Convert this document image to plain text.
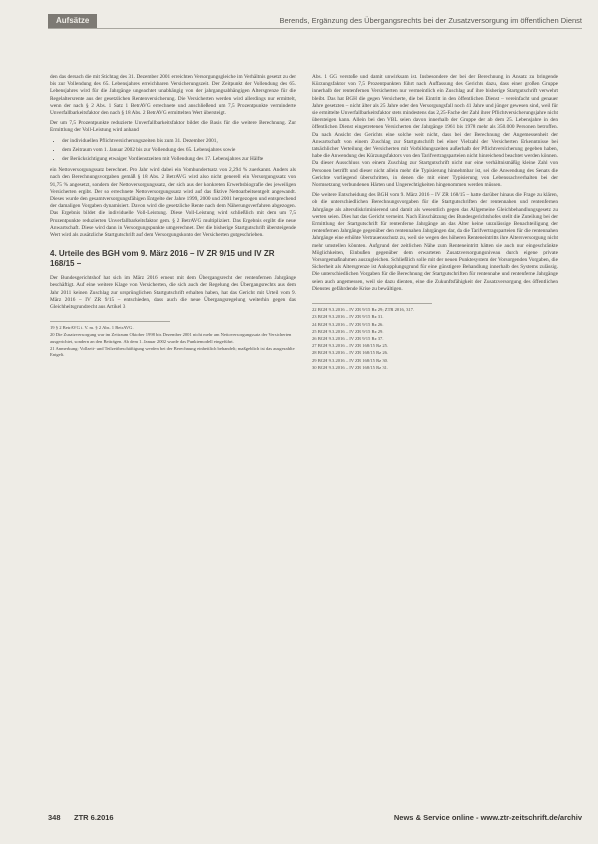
Aufsätze	Berends, Ergänzung des Übergangsrechts bei der Zusatzversorgung im öffentlichen Dienst

den das dersach die mit Stichtag des 31. Dezember 2001 erreichten Versorgungsgleiche im Verhältnis gesetzt zu der bis zur Vollendung des 65. Lebensjahres erreichbaren Versicherungszeit. Der Zeitpunkt der Vollendung des 65. Lebensjahres wird für die Jahrgänge ungeachtet unabhängig von der jahrgangsabhängigen Altersgrenze für die Regelaltersrente aus der gesetzlichen Rentenversicherung. Die Versicherten werden wird allerdings nur ermittelt, wenn der nach § 2 Abs. 1 Satz 1 BetrAVG errechnete und anschließend um 7,5 Prozentpunkte verminderte Unverfallbarkeitsfaktor den nach § 18 Abs. 2 BetrAVG ermittelten Wert übersteigt.

Der um 7,5 Prozentpunkte reduzierte Unverfallbarkeitsfaktor bildet die Basis für die weitere Berechnung. Zur Ermittlung der Voll-Leistung wird anhand

• der individuellen Pflichtversicherungszeiten bis zum 31. Dezember 2001,
• dem Zeitraum vom 1. Januar 2002 bis zur Vollendung des 65. Lebensjahres sowie
• der Berücksichtigung etwaiger Vordienstzeiten mit Vollendung des 17. Lebensjahres zur Hälfte

ein Nettoversorgungssatz berechnet. Pro Jahr wird dabei ein Vomhundertsatz von 2,294 % zuerkannt. Anders als nach den Berechnungsvorgaben gemäß § 18 Abs. 2 BetrAVG wird also nicht generell ein Versorgungssatz von 91,75 % angesetzt, sondern der Nettoversorgungssatz, der sich aus der konkreten Erwerbsbiografie des jeweiligen Versicherten ergibt. Der so errechnete Nettoversorgungssatz wird auf das fiktive Nettoarbeitsentgelt angewandt. Dieses wurde den gesamtversorgungsfähigen Entgelte der Jahre 1999, 2000 und 2001 hergezogen und entsprechend der damaligen Vorgaben dynamisiert. Davon wird die gesetzliche Rente nach dem Näherungsverfahren abgezogen. Das Ergebnis bildet die individuelle Voll-Leistung. Diese Voll-Leistung wird schließlich mit dem um 7,5 Prozentpunkte reduzierten Unverfallbarkeitsfaktor gem. § 2 BetrAVG multipliziert. Das Ergebnis ergibt die neue Anwartschaft. Diese wird dann in Versorgungspunkte umgerechnet. Der die bisherige Startgutschrift übersteigende Wert wird als zusätzliche Startgutschrift auf dem Versorgungskonto der Versicherten gutgeschrieben.

4. Urteile des BGH vom 9. März 2016 – IV ZR 9/15 und IV ZR 168/15 –

Der Bundesgerichtshof hat sich im März 2016 erneut mit dem Übergangsrecht der rentenfernen Jahrgänge beschäftigt. Auf eine weitere Klage von Versicherten, die sich auch der Regelung des Übergangsrechts aus dem Jahr 2011 keinen Zuschlag zur ursprünglichen Startgutschrift erhalten haben, hat das Gericht mit Urteil vom 9. März 2016 – IV ZR 9/15 – entschieden, dass auch die neue Übergangsregelung weiterhin gegen das Gleichheitsgrundrecht aus Artikel 3

19 § 2 BetrAVG i. V. m. § 2 Abs. 1 BetrAVG.
20 Die Zusatzversorgung war im Zeitraum Oktober 1998 bis Dezember 2001 nicht mehr am Nettoversorgungssatz der Versicherten ausgerichtet, sondern an den Beiträgen. Ab dem 1. Januar 2002 wurde das Punktemodell eingeführt.
21 Anmerkung: Vollzeit- und Teilzeitbeschäftigung werden bei der Berechnung einheitlich behandelt; maßgeblich ist das ausgezahlte Entgelt.

Abs. 1 GG verstoße und damit unwirksam ist. Insbesondere der bei der Berechnung in Ansatz zu bringende Kürzungsfaktor von 7,5 Prozentpunkten führt nach Auffassung des Gerichts dazu, dass einer großen Gruppe innerhalb der rentenfernen Versicherten nur vermeintlich ein Zuschlag auf ihre bisherige Startgutschrift verwehrt bleibt. Das hat BGH die gegen Versicherte, die bei Eintritt in den öffentlichen Dienst – vereinfacht und genauer Jahre gesetzten – nicht älter als 25 Jahre oder den Versorgungsfall noch 41 Jahre und jünger gewesen sind, weil für sie ermittelte Unverfallbarkeitsfaktor stets mindestens das 2,25-Fache der Zahl ihrer Pflichtversicherungsjahre nicht übersteigen kann. Allein bei den VBL seien davon innerhalb der Gruppe der ab dem 25. Lebensjahre in den öffentlichen Dienst eingetretenen Versicherten der Jahrgänge 1961 bis 1978 mehr als 350.000 Personen betroffen. Da nach Ansicht des Gerichts eine solche weit nicht, dass bei der Berechnung der Angemessenheit der Anwartschaft von einem Zuschlag zur Startgutschrift bei einer Vielzahl der Versicherten Erkenntnisse bei tatsächlicher Verteilung der Versicherten mit Vorbildungszeiten außerhalb der Pflichtversicherung gegeben haben, habe die Anwendung des Kürzungsfaktors von den Tarifvertragsparteien nicht hinreichend beachtet werden können. Da dieser Ausschluss von einem Zuschlag zur Startgutschrift nicht nur eine verhältnismäßig kleine Zahl von Personen betrifft und dieser nicht allein mehr die Typisierung hinnehmbar ist, sei die Anwendung des Senats die Gerichte vorliegend überschritten, in denen die mit einer Typisierung von Lebenssachverhalten bei der Normsetzung verbundenen Härten und Ungerechtigkeiten hingenommen werden müssen.

Die weitere Entscheidung des BGH vom 9. März 2016 – IV ZR 168/15 – hatte darüber hinaus die Frage zu klären, ob die unterschiedlichen Berechnungsvorgaben für die Startgutschriften der rentennahen und rentenfernen Jahrgänge als altersdiskriminierend und damit als wesentlich gegen das Allgemeine Gleichbehandlungsgesetz zu werten seien. Dies hat das Gericht verneint. Nach Einschätzung des Bundesgerichtshofes stellt die Zuteilung bei der Ermittlung der Startgutschrift für rentenferne Jahrgänge an das Alter keine unzulässige Benachteiligung der rentenfernen Jahrgänge gegenüber den rentennahen Jahrgängen dar, da die Tarifvertragsparteien für die rentennahen Jahrgänge eine erhöhte Vertrauensschutz zu, weil sie wegen des höheren Renteneintritts ihre Altersversorgung nicht mehr umstellen könnten. Aufgrund der zeitlichen Nähe zum Renteneintritt hätten sie auch nur eingeschränkte Möglichkeiten, Einbußen gegenüber dem erwarteten Zusatzversorgungsniveau durch eigene private Vorsorgemaßnahmen auszugleichen. Schließlich solle mit der neuen Punktesystem der Vorsorgenden Vorgaben, die Sicherheit als Altersgrenze ist Ankopplungsgrund für eine günstigere Behandlung innerhalb des Systems zulässig. Die unterschiedlichen Vorgaben für die Berechnung der Startgutschriften für rentennahe und rentenferne Jahrgänge seien auch angemessen, weil sie dazu dienten, eine die Zukunftsfähigkeit der Zusatzversorgung des öffentlichen Dienstes gefährdende Krise zu bewältigen.

22 BGH 9.3.2016 – IV ZR 9/15 Rz 29; ZTR 2016, 317.
23 BGH 9.3.2016 – IV ZR 9/15 Rz 31.
24 BGH 9.3.2016 – IV ZR 9/15 Rz 26.
25 BGH 9.3.2016 – IV ZR 9/15 Rz 29.
26 BGH 9.3.2016 – IV ZR 9/15 Rz 37.
27 BGH 9.3.2016 – IV ZR 168/15 Rz 25.
28 BGH 9.3.2016 – IV ZR 168/15 Rz 26.
29 BGH 9.3.2016 – IV ZR 168/15 Rz 30.
30 BGH 9.3.2016 – IV ZR 168/15 Rz 31.
348 ZTR 6.2016	News & Service online - www.ztr-zeitschrift.de/archiv
